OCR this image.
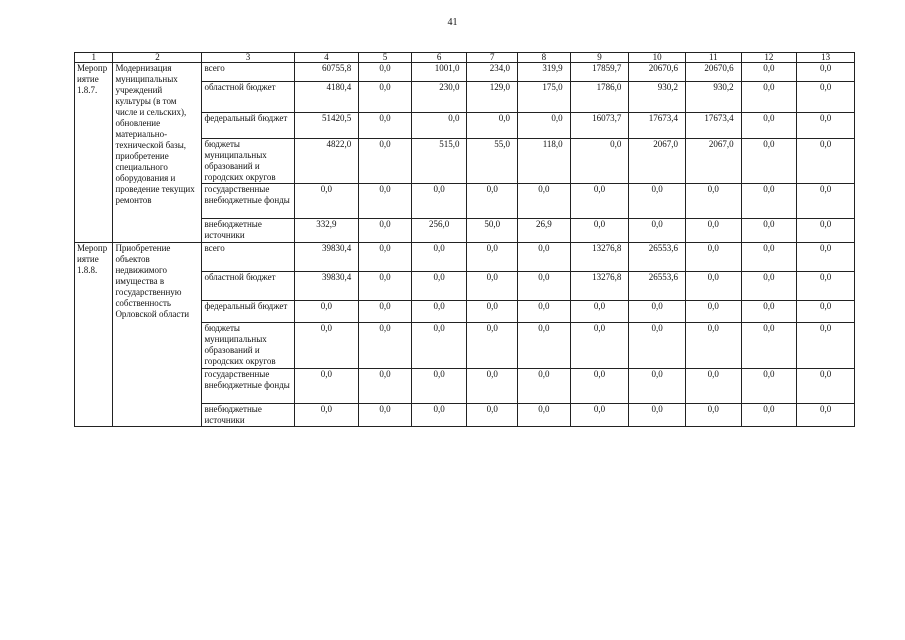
41
1	2	3	4	5	6	7	8	9	10	11	12	13
Мероприятие 1.8.7.	Модернизация муниципальных учреждений культуры (в том числе и сельских), обновление материально-технической базы, приобретение специального оборудования и проведение текущих ремонтов	всего	60755,8	0,0	1001,0	234,0	319,9	17859,7	20670,6	20670,6	0,0	0,0
		областной бюджет	4180,4	0,0	230,0	129,0	175,0	1786,0	930,2	930,2	0,0	0,0
		федеральный бюджет	51420,5	0,0	0,0	0,0	0,0	16073,7	17673,4	17673,4	0,0	0,0
		бюджеты муниципальных образований и городских округов	4822,0	0,0	515,0	55,0	118,0	0,0	2067,0	2067,0	0,0	0,0
		государственные внебюджетные фонды	0,0	0,0	0,0	0,0	0,0	0,0	0,0	0,0	0,0	0,0
		внебюджетные источники	332,9	0,0	256,0	50,0	26,9	0,0	0,0	0,0	0,0	0,0
Мероприятие 1.8.8.	Приобретение объектов недвижимого имущества в государственную собственность Орловской области	всего	39830,4	0,0	0,0	0,0	0,0	13276,8	26553,6	0,0	0,0	0,0
		областной бюджет	39830,4	0,0	0,0	0,0	0,0	13276,8	26553,6	0,0	0,0	0,0
		федеральный бюджет	0,0	0,0	0,0	0,0	0,0	0,0	0,0	0,0	0,0	0,0
		бюджеты муниципальных образований и городских округов	0,0	0,0	0,0	0,0	0,0	0,0	0,0	0,0	0,0	0,0
		государственные внебюджетные фонды	0,0	0,0	0,0	0,0	0,0	0,0	0,0	0,0	0,0	0,0
		внебюджетные источники	0,0	0,0	0,0	0,0	0,0	0,0	0,0	0,0	0,0	0,0
